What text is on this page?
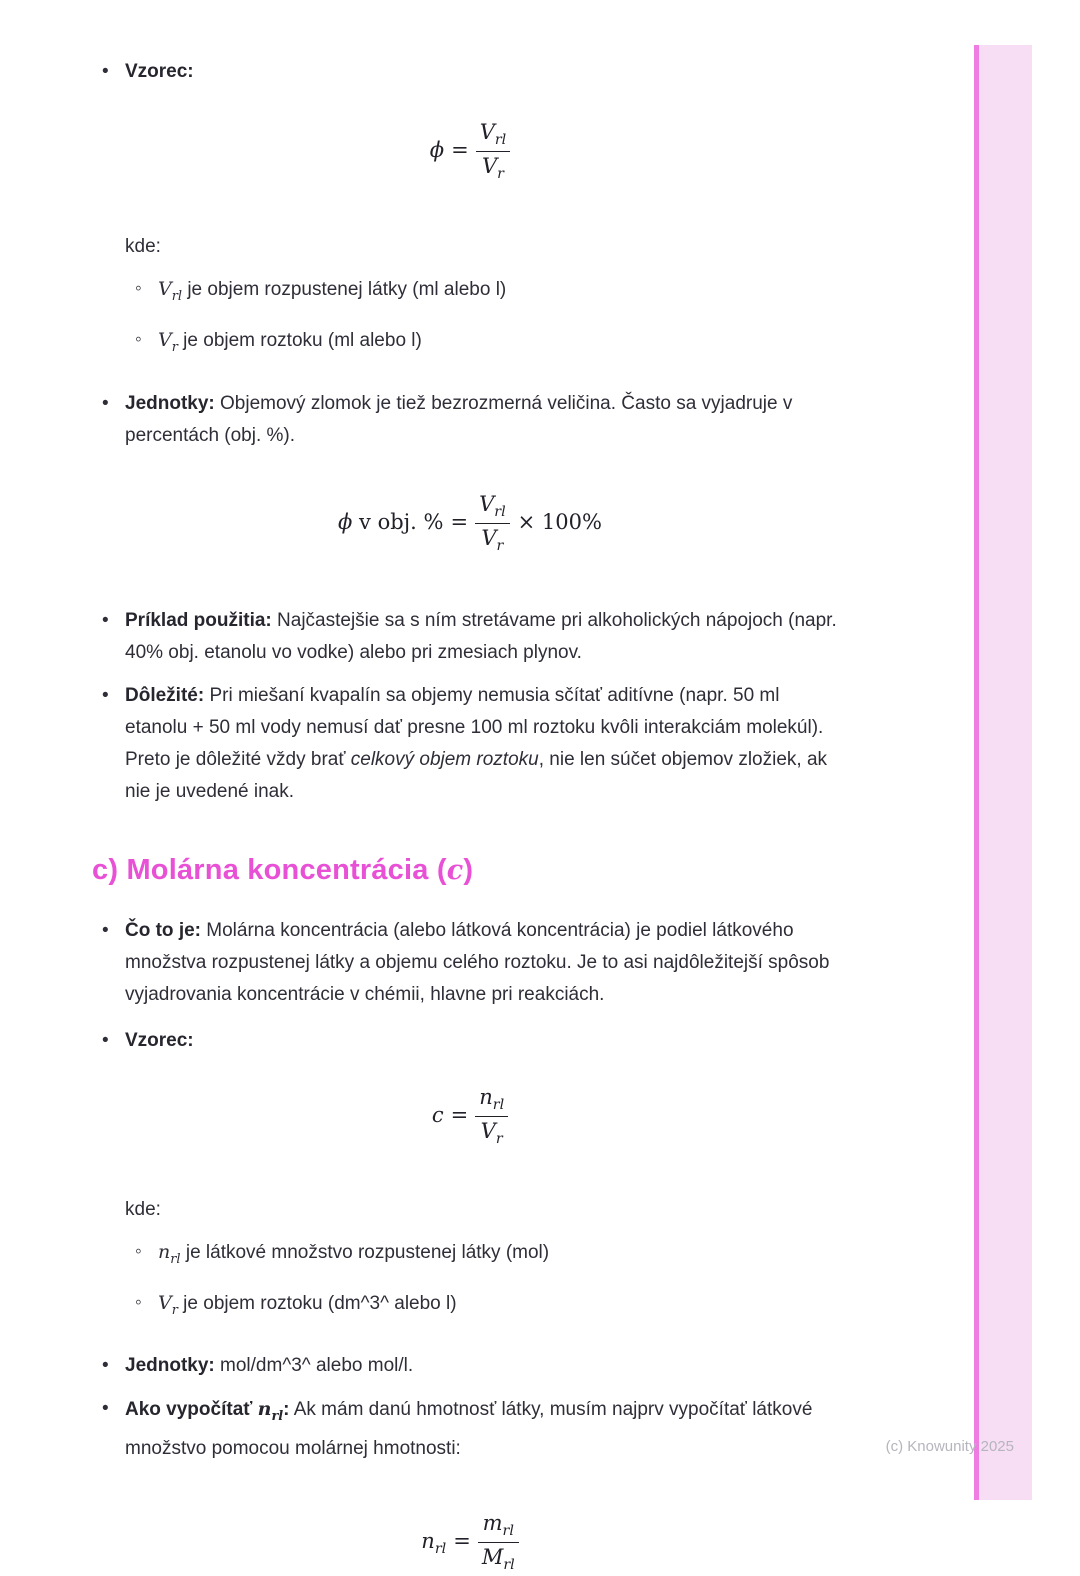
• Vzorec:
$\phi = \frac{V_{rl}}{V_r}$
kde:
◦ $V_{rl}$ je objem rozpustenej látky (ml alebo l)
◦ $V_r$ je objem roztoku (ml alebo l)
• Jednotky: Objemový zlomok je tiež bezrozmerná veličina. Často sa vyjadruje v percentách (obj. %).
ϕ v obj. % = $\frac{V_{rl}}{V_r} \times 100\%$
• Príklad použitia: Najčastejšie sa s ním stretávame pri alkoholických nápojoch (napr. 40% obj. etanolu vo vodke) alebo pri zmesiach plynov.
• Dôležité: Pri miešaní kvapalín sa objemy nemusia sčítať aditívne (napr. 50 ml etanolu + 50 ml vody nemusí dať presne 100 ml roztoku kvôli interakciám molekúl). Preto je dôležité vždy brať celkový objem roztoku, nie len súčet objemov zložiek, ak nie je uvedené inak.
c) Molárna koncentrácia (c)
• Čo to je: Molárna koncentrácia (alebo látková koncentrácia) je podiel látkového množstva rozpustenej látky a objemu celého roztoku. Je to asi najdôležitejší spôsob vyjadrovania koncentrácie v chémii, hlavne pri reakciách.
• Vzorec:
$c = \frac{n_{rl}}{V_r}$
kde:
◦ $n_{rl}$ je látkové množstvo rozpustenej látky (mol)
◦ $V_r$ je objem roztoku (dm^3^ alebo l)
• Jednotky: mol/dm^3^ alebo mol/l.
• Ako vypočítať $n_{rl}$: Ak mám danú hmotnosť látky, musím najprv vypočítať látkové množstvo pomocou molárnej hmotnosti:
$n_{rl} = \frac{m_{rl}}{M_{rl}}$
(c) Knowunity 2025
